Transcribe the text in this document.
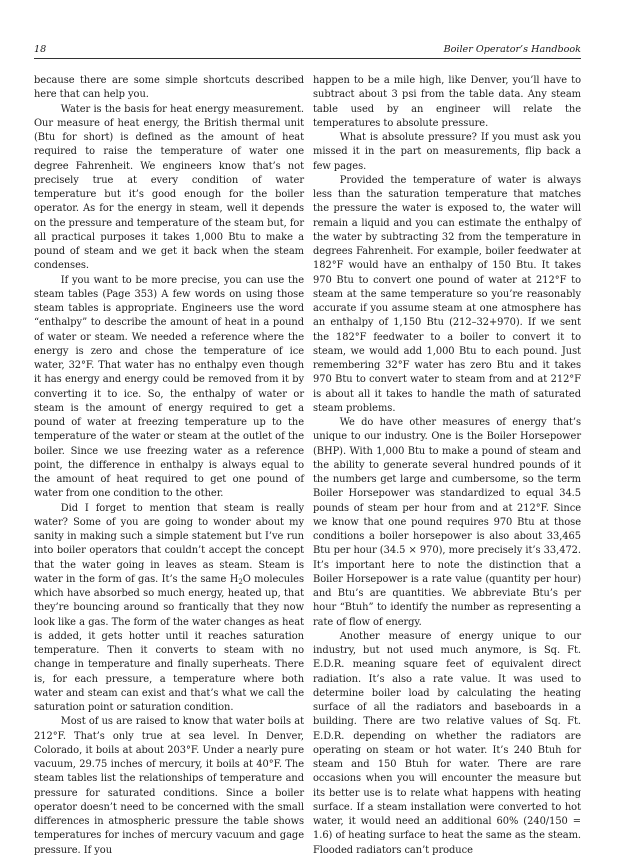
18	Boiler Operator’s Handbook

because there are some simple shortcuts described here that can help you.

Water is the basis for heat energy measurement. Our measure of heat energy, the British thermal unit (Btu for short) is defined as the amount of heat required to raise the temperature of water one degree Fahrenheit. We engineers know that’s not precisely true at every condition of water temperature but it’s good enough for the boiler operator. As for the energy in steam, well it depends on the pressure and temperature of the steam but, for all practical purposes it takes 1,000 Btu to make a pound of steam and we get it back when the steam condenses.

If you want to be more precise, you can use the steam tables (Page 353) A few words on using those steam tables is appropriate. Engineers use the word “enthalpy” to describe the amount of heat in a pound of water or steam. We needed a reference where the energy is zero and chose the temperature of ice water, 32°F. That water has no enthalpy even though it has energy and energy could be removed from it by converting it to ice. So, the enthalpy of water or steam is the amount of energy required to get a pound of water at freezing temperature up to the temperature of the water or steam at the outlet of the boiler. Since we use freezing water as a reference point, the difference in enthalpy is always equal to the amount of heat required to get one pound of water from one condition to the other.

Did I forget to mention that steam is really water? Some of you are going to wonder about my sanity in making such a simple statement but I’ve run into boiler operators that couldn’t accept the concept that the water going in leaves as steam. Steam is water in the form of gas. It’s the same $H_2O$ molecules which have absorbed so much energy, heated up, that they’re bouncing around so frantically that they now look like a gas. The form of the water changes as heat is added, it gets hotter until it reaches saturation temperature. Then it converts to steam with no change in temperature and finally superheats. There is, for each pressure, a temperature where both water and steam can exist and that’s what we call the saturation point or saturation condition.

Most of us are raised to know that water boils at 212°F. That’s only true at sea level. In Denver, Colorado, it boils at about 203°F. Under a nearly pure vacuum, 29.75 inches of mercury, it boils at 40°F. The steam tables list the relationships of temperature and pressure for saturated conditions. Since a boiler operator doesn’t need to be concerned with the small differences in atmospheric pressure the table shows temperatures for inches of mercury vacuum and gage pressure. If you

happen to be a mile high, like Denver, you’ll have to subtract about 3 psi from the table data. Any steam table used by an engineer will relate the temperatures to absolute pressure.

What is absolute pressure? If you must ask you missed it in the part on measurements, flip back a few pages.

Provided the temperature of water is always less than the saturation temperature that matches the pressure the water is exposed to, the water will remain a liquid and you can estimate the enthalpy of the water by subtracting 32 from the temperature in degrees Fahrenheit. For example, boiler feedwater at 182°F would have an enthalpy of 150 Btu. It takes 970 Btu to convert one pound of water at 212°F to steam at the same temperature so you’re reasonably accurate if you assume steam at one atmosphere has an enthalpy of 1,150 Btu (212–32+970). If we sent the 182°F feedwater to a boiler to convert it to steam, we would add 1,000 Btu to each pound. Just remembering 32°F water has zero Btu and it takes 970 Btu to convert water to steam from and at 212°F is about all it takes to handle the math of saturated steam problems.

We do have other measures of energy that’s unique to our industry. One is the Boiler Horsepower (BHP). With 1,000 Btu to make a pound of steam and the ability to generate several hundred pounds of it the numbers get large and cumbersome, so the term Boiler Horsepower was standardized to equal 34.5 pounds of steam per hour from and at 212°F. Since we know that one pound requires 970 Btu at those conditions a boiler horsepower is also about 33,465 Btu per hour (34.5 × 970), more precisely it’s 33,472. It’s important here to note the distinction that a Boiler Horsepower is a rate value (quantity per hour) and Btu’s are quantities. We abbreviate Btu’s per hour “Btuh” to identify the number as representing a rate of flow of energy.

Another measure of energy unique to our industry, but not used much anymore, is Sq. Ft. E.D.R. meaning square feet of equivalent direct radiation. It’s also a rate value. It was used to determine boiler load by calculating the heating surface of all the radiators and baseboards in a building. There are two relative values of Sq. Ft. E.D.R. depending on whether the radiators are operating on steam or hot water. It’s 240 Btuh for steam and 150 Btuh for water. There are rare occasions when you will encounter the measure but its better use is to relate what happens with heating surface. If a steam installation were converted to hot water, it would need an additional 60% (240/150 = 1.6) of heating surface to heat the same as the steam. Flooded radiators can’t produce
